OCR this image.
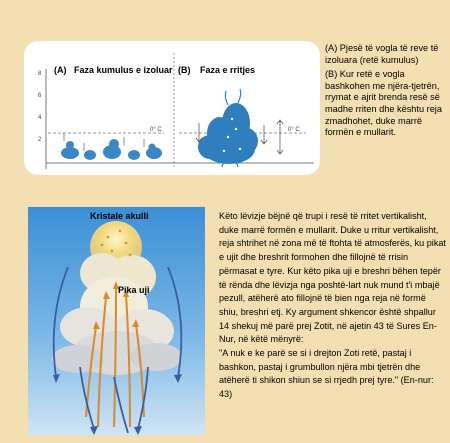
8
6
4
2
(A) Faza kumulus e izoluar (B) Faza e rritjes
0° C	0° C

(A) Pjesë të vogla të reve të izoluara (retë kumulus)

(B) Kur retë e vogla bashkohen me njëra-tjetrën, rrymat e ajrit brenda resë së madhe rriten dhe kështu reja zmadhohet, duke marrë formën e mullarit.

Kristale akulli
Pika uji

Këto lëvizje bëjnë që trupi i resë të rritet vertikalisht, duke marrë formën e mullarit. Duke u rritur vertikalisht, reja shtrihet në zona më të ftohta të atmosferës, ku pikat e ujit dhe breshrit formohen dhe fillojnë të rrisin përmasat e tyre. Kur këto pika uji e breshri bëhen tepër të rënda dhe lëvizja nga poshtë-lart nuk mund t'i mbajë pezull, atëherë ato fillojnë të bien nga reja në formë shiu, breshri etj. Ky argument shkencor është shpallur 14 shekuj më parë prej Zotit, në ajetin 43 të Sures En-Nur, në këtë mënyrë:

"A nuk e ke parë se si i drejton Zoti retë, pastaj i bashkon, pastaj i grumbullon njëra mbi tjetrën dhe atëherë ti shikon shiun se si rrjedh prej tyre." (En-nur: 43)
